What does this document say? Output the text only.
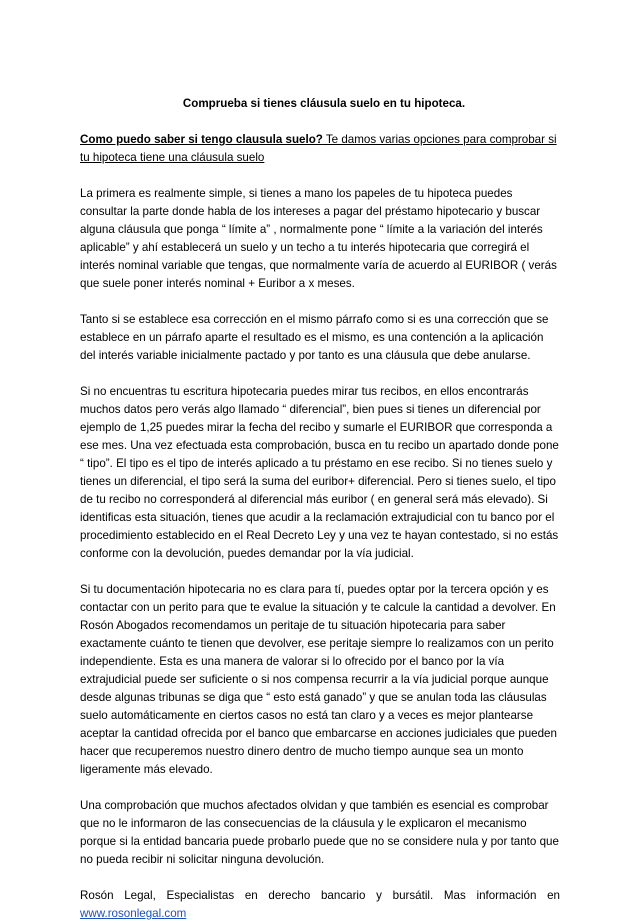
Comprueba si tienes cláusula suelo en tu hipoteca.
Como puedo saber si tengo clausula suelo? Te damos varias opciones para comprobar si tu hipoteca tiene una cláusula suelo
La primera es realmente simple, si tienes a mano los papeles de tu hipoteca puedes consultar la parte donde habla de los intereses a pagar del préstamo hipotecario y buscar alguna cláusula que ponga “ límite a” , normalmente pone “ límite a la variación del interés aplicable” y ahí establecerá un suelo y un techo a tu interés hipotecaria que corregirá el interés nominal variable que tengas, que normalmente varía de acuerdo al EURIBOR ( verás que suele poner interés nominal + Euribor a x meses.
Tanto si se establece esa corrección en el mismo párrafo como si es una corrección que se establece en un párrafo aparte el resultado es el mismo, es una contención a la aplicación del interés variable inicialmente pactado y por tanto es una cláusula que debe anularse.
Si no encuentras tu escritura hipotecaria puedes mirar tus recibos, en ellos encontrarás muchos datos pero verás algo llamado “ diferencial”, bien pues si tienes un diferencial por ejemplo de 1,25 puedes mirar la fecha del recibo y sumarle el EURIBOR que corresponda a ese mes. Una vez efectuada esta comprobación, busca en tu recibo un apartado donde pone “ tipo”. El tipo es el tipo de interés aplicado a tu préstamo en ese recibo. Si no tienes suelo y tienes un diferencial, el tipo será la suma del euribor+ diferencial. Pero si tienes suelo, el tipo de tu recibo no corresponderá al diferencial más euribor ( en general será más elevado). Si identificas esta situación, tienes que acudir a la reclamación extrajudicial con tu banco por el procedimiento establecido en el Real Decreto Ley y una vez te hayan contestado, si no estás conforme con la devolución, puedes demandar por la vía judicial.
Si tu documentación hipotecaria no es clara para tí, puedes optar por la tercera opción y es contactar con un perito para que te evalue la situación y te calcule la cantidad a devolver. En Rosón Abogados recomendamos un peritaje de tu situación hipotecaria para saber exactamente cuánto te tienen que devolver, ese peritaje siempre lo realizamos con un perito independiente. Esta es una manera de valorar si lo ofrecido por el banco por la vía extrajudicial puede ser suficiente o si nos compensa recurrir a la vía judicial porque aunque desde algunas tribunas se diga que “ esto está ganado” y que se anulan toda las cláusulas suelo automáticamente en ciertos casos no está tan claro y a veces es mejor plantearse aceptar la cantidad ofrecida por el banco que embarcarse en acciones judiciales que pueden hacer que recuperemos nuestro dinero dentro de mucho tiempo aunque sea un monto ligeramente más elevado.
Una comprobación que muchos afectados olvidan y que también es esencial es comprobar que no le informaron de las consecuencias de la cláusula y le explicaron el mecanismo porque si la entidad bancaria puede probarlo puede que no se considere nula y por tanto que no pueda recibir ni solicitar ninguna devolución.
Rosón Legal, Especialistas en derecho bancario y bursátil. Mas información en
www.rosonlegal.com
